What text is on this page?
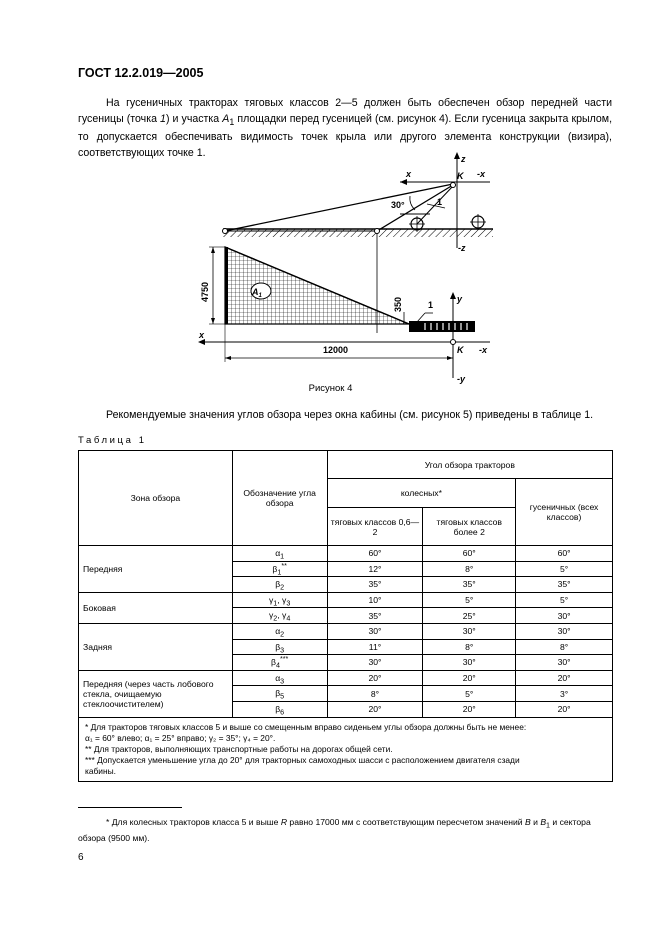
ГОСТ 12.2.019—2005
На гусеничных тракторах тяговых классов 2—5 должен быть обеспечен обзор передней части гусеницы (точка 1) и участка $A_1$ площадки перед гусеницей (см. рисунок 4). Если гусеница закрыта крылом, то допускается обеспечивать видимость точек крыла или другого элемента конструкции (визира), соответствующих точке 1.
z
x	-x
K
30°	1
-z
$A_1$
1
y
x
-x
K
-y
4750
350
12000
Рисунок 4
Рекомендуемые значения углов обзора через окна кабины (см. рисунок 5) приведены в таблице 1.
Таблица 1
Зона обзора	Обозначение угла обзора	Угол обзора тракторов		
		колесных*		гусеничных (всех классов)
		тяговых классов 0,6—2	тяговых классов более 2	
Передняя	$\alpha_1$	60°	60°	60°
	$\beta_1^{**}$	12°	8°	5°
	$\beta_2$	35°	35°	35°
Боковая	$\gamma_1$, $\gamma_3$	10°	5°	5°
	$\gamma_2$, $\gamma_4$	35°	25°	30°
Задняя	$\alpha_2$	30°	30°	30°
	$\beta_3$	11°	8°	8°
	$\beta_4^{***}$	30°	30°	30°
Передняя (через часть лобового стекла, очищаемую стеклоочистителем)	$\alpha_3$	20°	20°	20°
	$\beta_5$	8°	5°	3°
	$\beta_6$	20°	20°	20°

* Для тракторов тяговых классов 5 и выше со смещенным вправо сиденьем углы обзора должны быть не менее:
α₁ = 60° влево; α₁ = 25° вправо; γ₂ = 35°; γ₄ = 20°.
** Для тракторов, выполняющих транспортные работы на дорогах общей сети.
*** Допускается уменьшение угла до 20° для тракторных самоходных шасси с расположением двигателя сзади
кабины.				
* Для колесных тракторов класса 5 и выше R равно 17000 мм с соответствующим пересчетом значений B и $B_1$ и сектора обзора (9500 мм).
6
